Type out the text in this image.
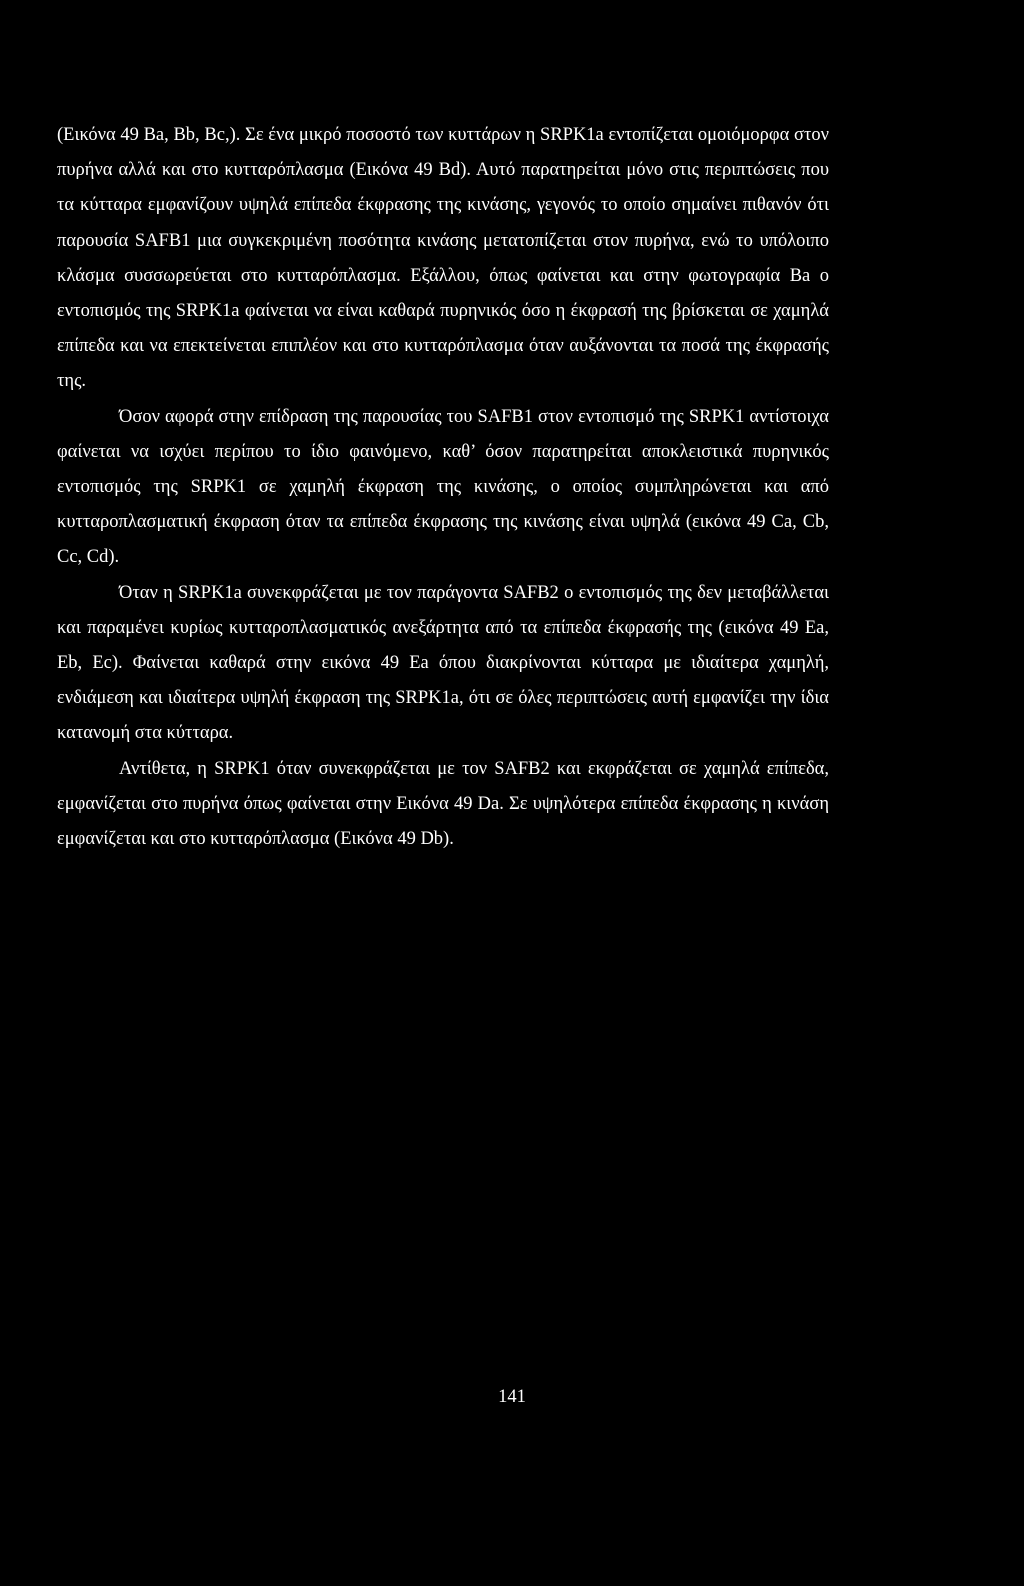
(Εικόνα 49 Ba, Bb, Bc,). Σε ένα μικρό ποσοστό των κυττάρων η SRPK1a εντοπίζεται ομοιόμορφα στον πυρήνα αλλά και στο κυτταρόπλασμα (Εικόνα 49 Bd). Αυτό παρατηρείται μόνο στις περιπτώσεις που τα κύτταρα εμφανίζουν υψηλά επίπεδα έκφρασης της κινάσης, γεγονός το οποίο σημαίνει πιθανόν ότι παρουσία SAFB1 μια συγκεκριμένη ποσότητα κινάσης μετατοπίζεται στον πυρήνα, ενώ το υπόλοιπο κλάσμα συσσωρεύεται στο κυτταρόπλασμα. Εξάλλου, όπως φαίνεται και στην φωτογραφία Ba ο εντοπισμός της SRPK1a φαίνεται να είναι καθαρά πυρηνικός όσο η έκφρασή της βρίσκεται σε χαμηλά επίπεδα και να επεκτείνεται επιπλέον και στο κυτταρόπλασμα όταν αυξάνονται τα ποσά της έκφρασής της.

Όσον αφορά στην επίδραση της παρουσίας του SAFB1 στον εντοπισμό της SRPK1 αντίστοιχα φαίνεται να ισχύει περίπου το ίδιο φαινόμενο, καθ’ όσον παρατηρείται αποκλειστικά πυρηνικός εντοπισμός της SRPK1 σε χαμηλή έκφραση της κινάσης, ο οποίος συμπληρώνεται και από κυτταροπλασματική έκφραση όταν τα επίπεδα έκφρασης της κινάσης είναι υψηλά (εικόνα 49 Ca, Cb, Cc, Cd).

Όταν η SRPK1a συνεκφράζεται με τον παράγοντα SAFB2 ο εντοπισμός της δεν μεταβάλλεται και παραμένει κυρίως κυτταροπλασματικός ανεξάρτητα από τα επίπεδα έκφρασής της (εικόνα 49 Ea, Eb, Ec). Φαίνεται καθαρά στην εικόνα 49 Ea όπου διακρίνονται κύτταρα με ιδιαίτερα χαμηλή, ενδιάμεση και ιδιαίτερα υψηλή έκφραση της SRPK1a, ότι σε όλες περιπτώσεις αυτή εμφανίζει την ίδια κατανομή στα κύτταρα.

Αντίθετα, η SRPK1 όταν συνεκφράζεται με τον SAFB2 και εκφράζεται σε χαμηλά επίπεδα, εμφανίζεται στο πυρήνα όπως φαίνεται στην Εικόνα 49 Da. Σε υψηλότερα επίπεδα έκφρασης η κινάση εμφανίζεται και στο κυτταρόπλασμα (Εικόνα 49 Db).

141
